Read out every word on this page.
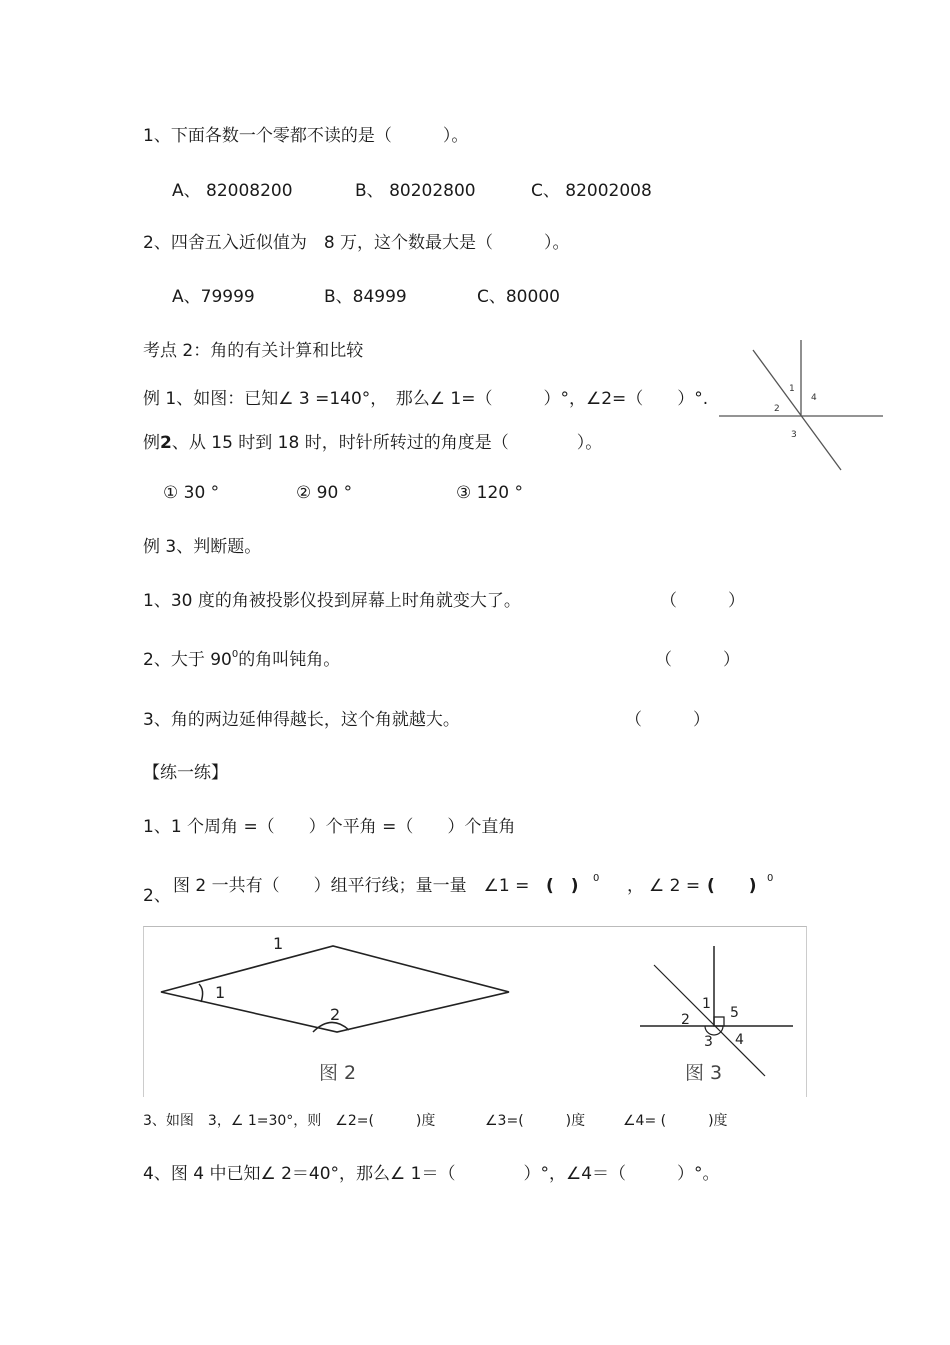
1、下面各数一个零都不读的是（　　　）。
A、 82008200	B、 80202800	C、 82002008
2、四舍五入近似值为　8 万，这个数最大是（　　　）。
A、79999	B、84999	C、80000
考点 2：角的有关计算和比较
1
2
3
4
例 1、如图：已知∠ 3 =140°，　那么∠ 1=（　　　）°，∠2=（　　）°.
例2、从 15 时到 18 时，时针所转过的角度是（　　　　）。
① 30 °	② 90 °	③ 120 °
例 3、判断题。
1、30 度的角被投影仪投到屏幕上时角就变大了。	（　　　）
2、大于 $90^0$的角叫钝角。	（　　　）
3、角的两边延伸得越长，这个角就越大。	（　　　）
【练一练】
1、1 个周角 =（　　）个平角 =（　　）个直角
2、 图 2 一共有（　　）组平行线；量一量　∠1 = (　) 0 ， ∠ 2 = (　　) 0
1
1
2
图 2
1
2
3 4
5
图 3
3、如图　3，∠ 1=30°，则　∠2=(　　　)度	∠3=(　　　)度	∠4= (　　　)度
4、图 4 中已知∠ 2＝40°，那么∠ 1＝（　　　　）°，∠4＝（　　　）°。
